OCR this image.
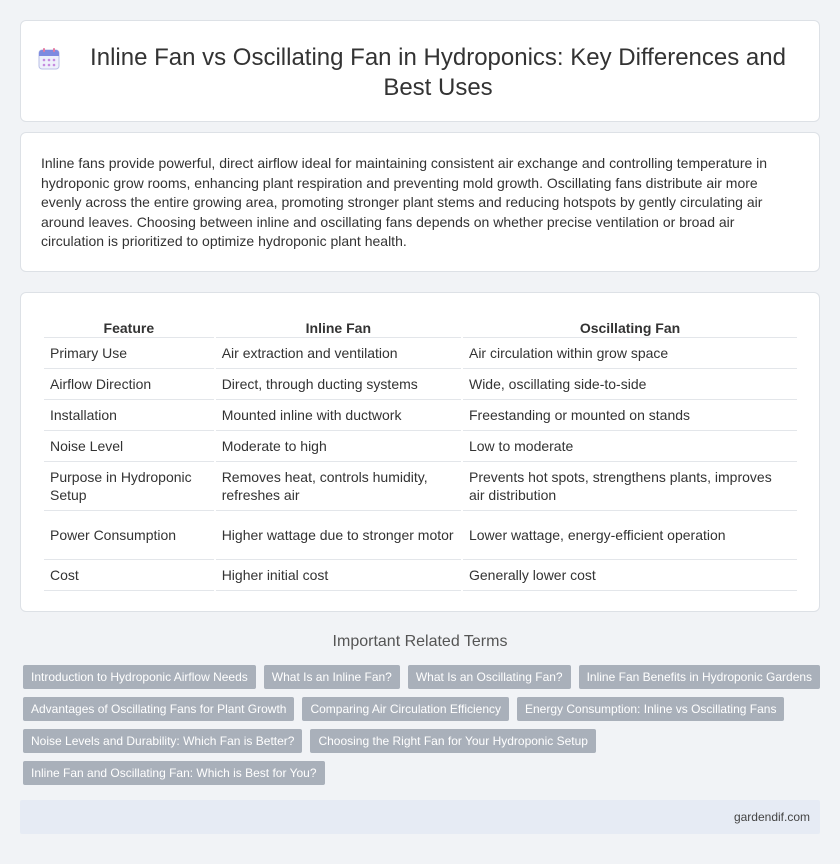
Inline Fan vs Oscillating Fan in Hydroponics: Key Differences and Best Uses

Inline fans provide powerful, direct airflow ideal for maintaining consistent air exchange and controlling temperature in hydroponic grow rooms, enhancing plant respiration and preventing mold growth. Oscillating fans distribute air more evenly across the entire growing area, promoting stronger plant stems and reducing hotspots by gently circulating air around leaves. Choosing between inline and oscillating fans depends on whether precise ventilation or broad air circulation is prioritized to optimize hydroponic plant health.

Feature	Inline Fan	Oscillating Fan
Primary Use	Air extraction and ventilation	Air circulation within grow space
Airflow Direction	Direct, through ducting systems	Wide, oscillating side-to-side
Installation	Mounted inline with ductwork	Freestanding or mounted on stands
Noise Level	Moderate to high	Low to moderate
Purpose in Hydroponic Setup	Removes heat, controls humidity, refreshes air	Prevents hot spots, strengthens plants, improves air distribution
Power Consumption	Higher wattage due to stronger motor	Lower wattage, energy-efficient operation
Cost	Higher initial cost	Generally lower cost
Important Related Terms
Introduction to Hydroponic Airflow Needs	What Is an Inline Fan?	What Is an Oscillating Fan?	Inline Fan Benefits in Hydroponic Gardens
Advantages of Oscillating Fans for Plant Growth	Comparing Air Circulation Efficiency	Energy Consumption: Inline vs Oscillating Fans
Noise Levels and Durability: Which Fan is Better?	Choosing the Right Fan for Your Hydroponic Setup
Inline Fan and Oscillating Fan: Which is Best for You?
gardendif.com
